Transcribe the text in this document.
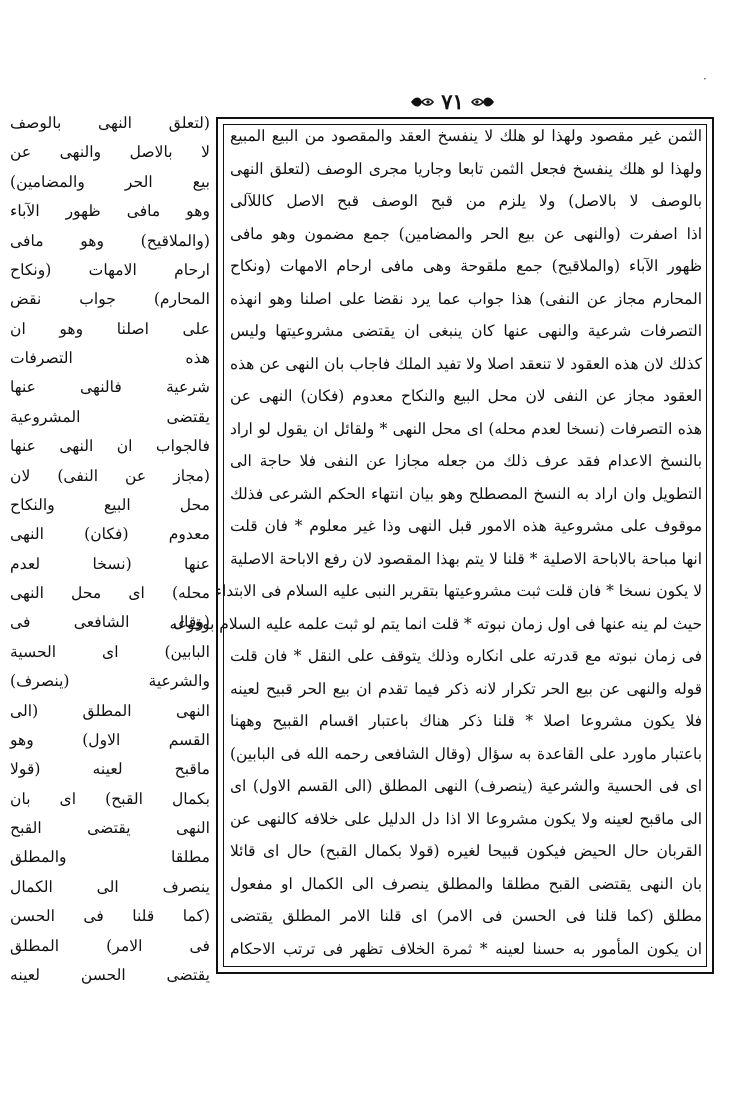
٧١
·
الثمن غير مقصود ولهذا لو هلك لا ينفسخ العقد والمقصود من البيع المبيع
ولهذا لو هلك ينفسخ فجعل الثمن تابعا وجاريا مجرى الوصف (لتعلق النهى
بالوصف لا بالاصل) ولا يلزم من قبح الوصف قبح الاصل كاللآلى
اذا اصفرت (والنهى عن بيع الحر والمضامين) جمع مضمون وهو مافى
ظهور الآباء (والملاقيح) جمع ملقوحة وهى مافى ارحام الامهات (ونكاح
المحارم مجاز عن النفى) هذا جواب عما يرد نقضا على اصلنا وهو انهذه
التصرفات شرعية والنهى عنها كان ينبغى ان يقتضى مشروعيتها وليس
كذلك لان هذه العقود لا تنعقد اصلا ولا تفيد الملك فاجاب بان النهى عن هذه
العقود مجاز عن النفى لان محل البيع والنكاح معدوم (فكان) النهى عن
هذه التصرفات (نسخا لعدم محله) اى محل النهى * ولقائل ان يقول لو اراد
بالنسخ الاعدام فقد عرف ذلك من جعله مجازا عن النفى فلا حاجة الى
التطويل وان اراد به النسخ المصطلح وهو بيان انتهاء الحكم الشرعى فذلك
موقوف على مشروعية هذه الامور قبل النهى وذا غير معلوم * فان قلت
انها مباحة بالاباحة الاصلية * قلنا لا يتم بهذا المقصود لان رفع الاباحة الاصلية
لا يكون نسخا * فان قلت ثبت مشروعيتها بتقرير النبى عليه السلام فى الابتداء
حيث لم ينه عنها فى اول زمان نبوته * قلت انما يتم لو ثبت علمه عليه السلام بوقوعه
فى زمان نبوته مع قدرته على انكاره وذلك يتوقف على النقل * فان قلت
قوله والنهى عن بيع الحر تكرار لانه ذكر فيما تقدم ان بيع الحر قبيح لعينه
فلا يكون مشروعا اصلا * قلنا ذكر هناك باعتبار اقسام القبيح وههنا
باعتبار ماورد على القاعدة به سؤال (وقال الشافعى رحمه الله فى البابين)
اى فى الحسية والشرعية (ينصرف) النهى المطلق (الى القسم الاول) اى
الى ماقبح لعينه ولا يكون مشروعا الا اذا دل الدليل على خلافه كالنهى عن
القربان حال الحيض فيكون قبيحا لغيره (قولا بكمال القبح) حال اى قائلا
بان النهى يقتضى القبح مطلقا والمطلق ينصرف الى الكمال او مفعول
مطلق (كما قلنا فى الحسن فى الامر) اى قلنا الامر المطلق يقتضى
ان يكون المأمور به حسنا لعينه * ثمرة الخلاف تظهر فى ترتب الاحكام
(لتعلق النهى بالوصف
لا بالاصل والنهى عن
بيع الحر والمضامين)
وهو مافى ظهور الآباء
(والملاقيح) وهو مافى
ارحام الامهات (ونكاح
المحارم) جواب نقض
على اصلنا وهو ان
هذه التصرفات
شرعية فالنهى عنها
يقتضى المشروعية
فالجواب ان النهى عنها
(مجاز عن النفى) لان
محل البيع والنكاح
معدوم (فكان) النهى
عنها (نسخا لعدم
محله) اى محل النهى
(وقال الشافعى فى
البابين) اى الحسية
والشرعية (ينصرف)
النهى المطلق (الى
القسم الاول) وهو
ماقبح لعينه (قولا
بكمال القبح) اى بان
النهى يقتضى القبح
مطلقا والمطلق
ينصرف الى الكمال
(كما قلنا فى الحسن
فى الامر) المطلق
يقتضى الحسن لعينه
